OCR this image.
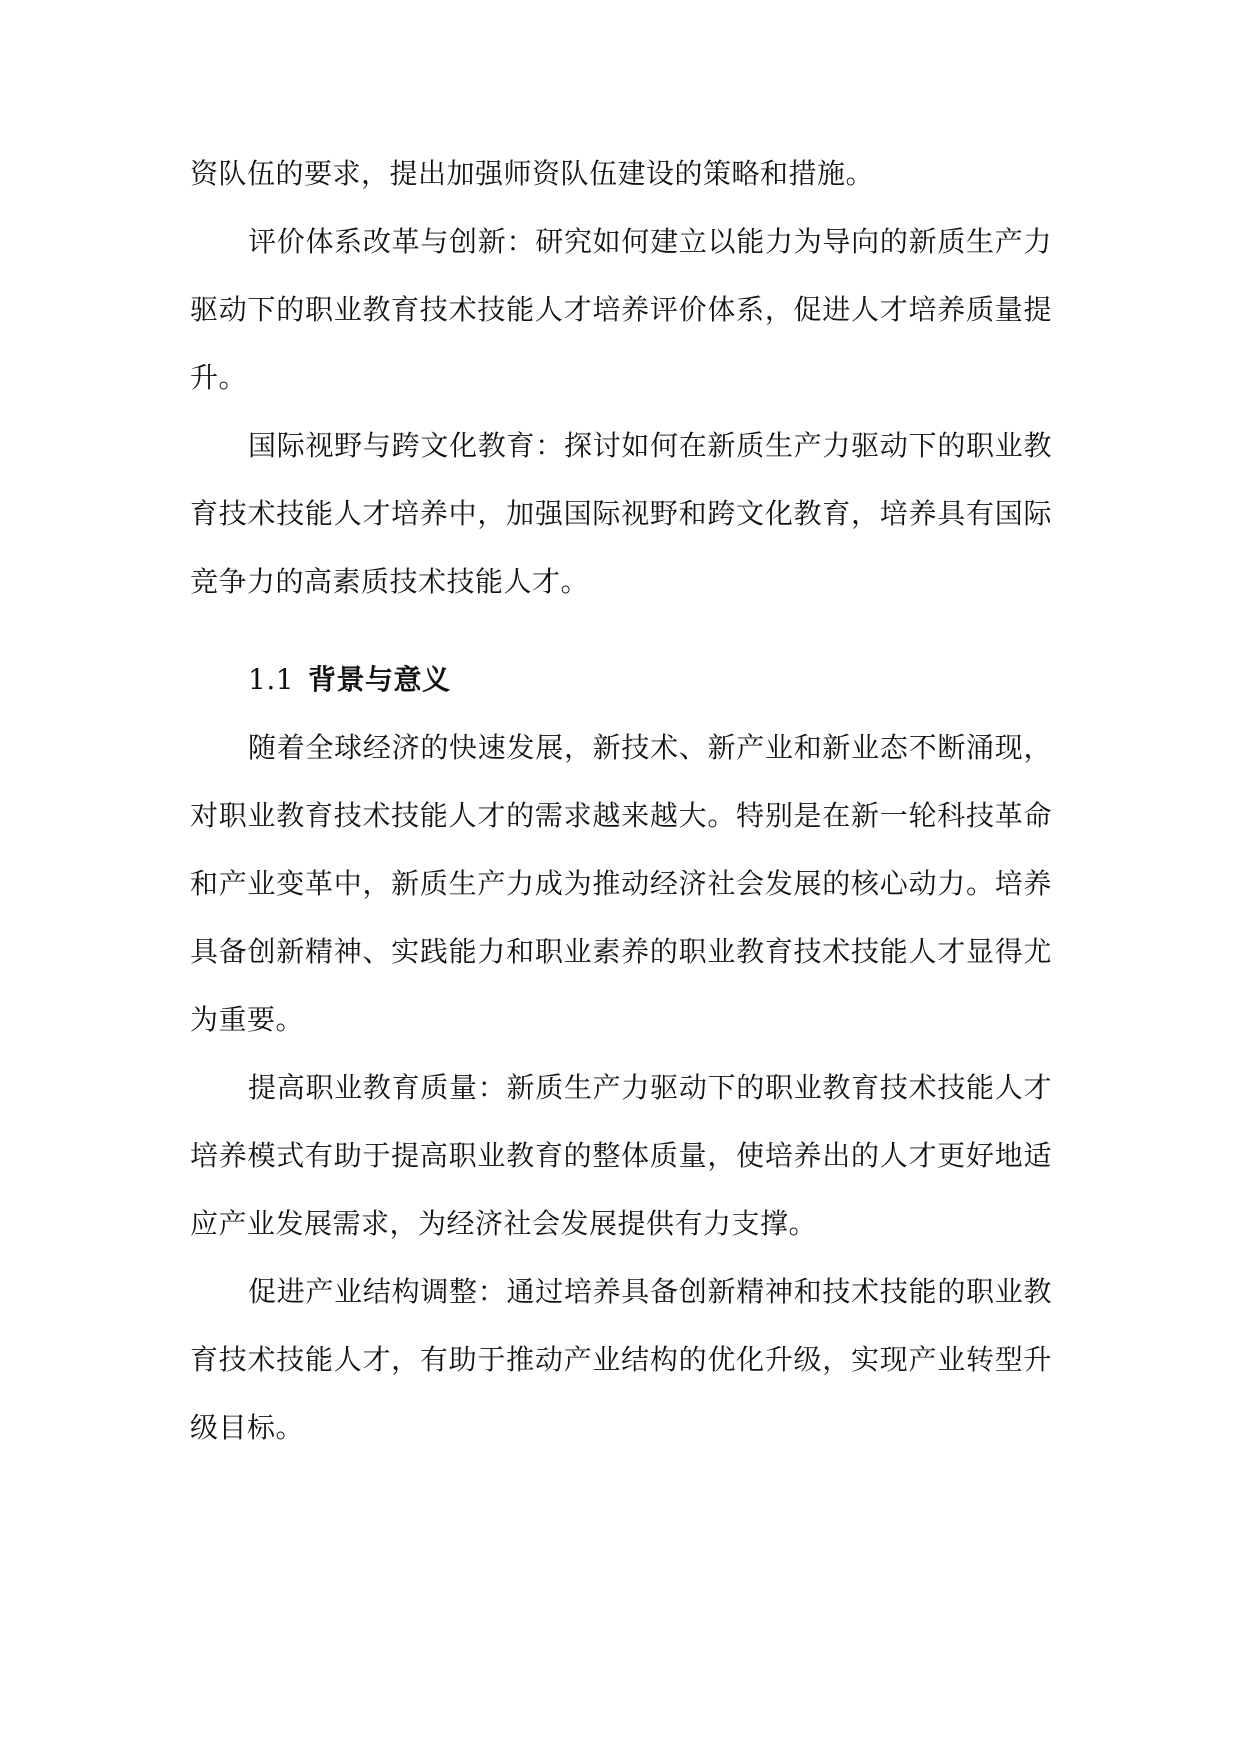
资队伍的要求，提出加强师资队伍建设的策略和措施。

评价体系改革与创新：研究如何建立以能力为导向的新质生产力驱动下的职业教育技术技能人才培养评价体系，促进人才培养质量提升。

国际视野与跨文化教育：探讨如何在新质生产力驱动下的职业教育技术技能人才培养中，加强国际视野和跨文化教育，培养具有国际竞争力的高素质技术技能人才。

1.1 背景与意义

随着全球经济的快速发展，新技术、新产业和新业态不断涌现，对职业教育技术技能人才的需求越来越大。特别是在新一轮科技革命和产业变革中，新质生产力成为推动经济社会发展的核心动力。培养具备创新精神、实践能力和职业素养的职业教育技术技能人才显得尤为重要。

提高职业教育质量：新质生产力驱动下的职业教育技术技能人才培养模式有助于提高职业教育的整体质量，使培养出的人才更好地适应产业发展需求，为经济社会发展提供有力支撑。

促进产业结构调整：通过培养具备创新精神和技术技能的职业教育技术技能人才，有助于推动产业结构的优化升级，实现产业转型升级目标。
